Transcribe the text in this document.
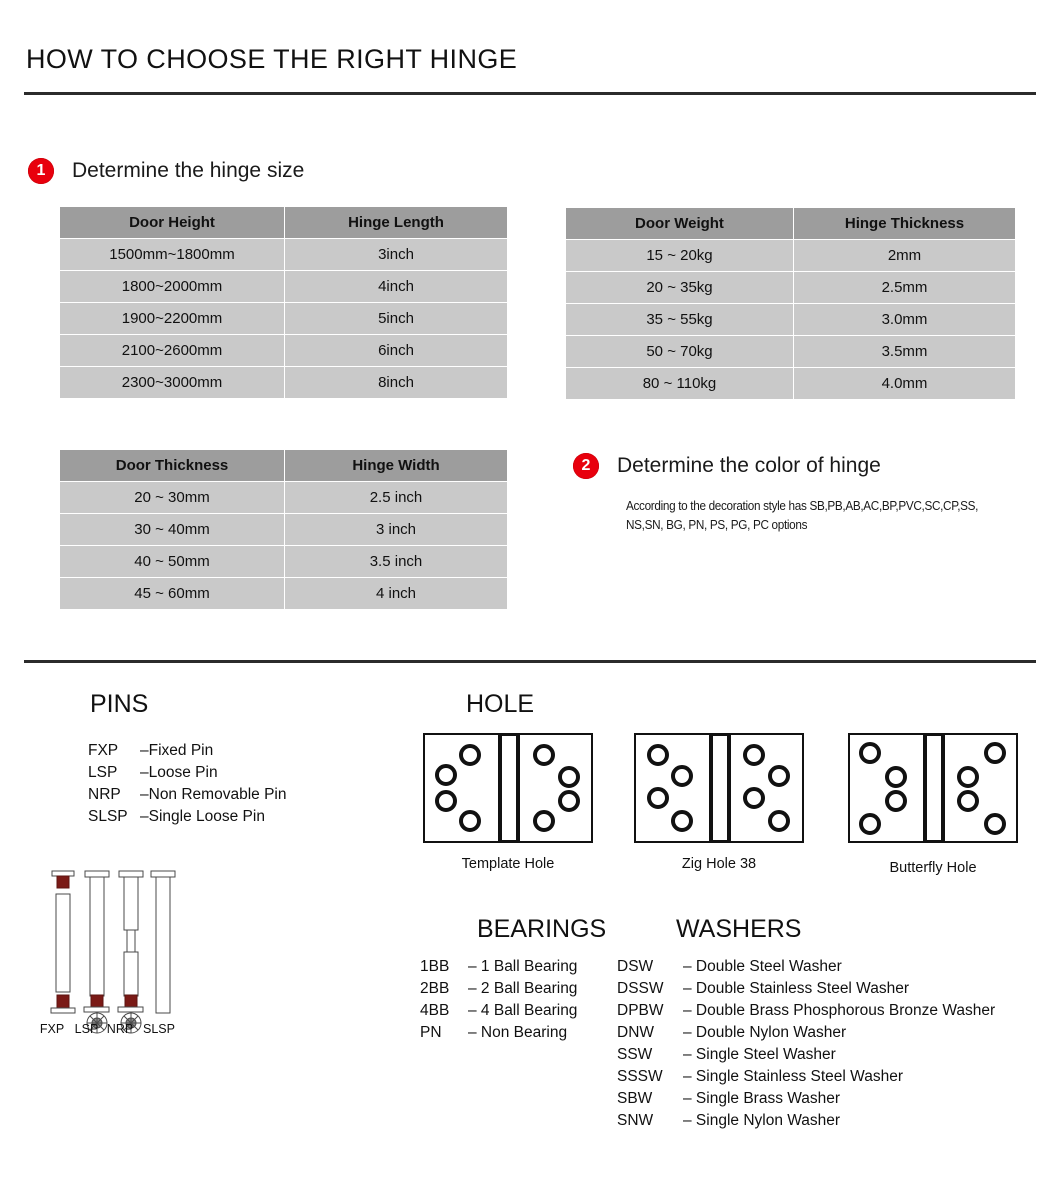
HOW TO CHOOSE THE RIGHT HINGE
1	Determine the hinge size
Door Height	Hinge Length
1500mm~1800mm	3inch
1800~2000mm	4inch
1900~2200mm	5inch
2100~2600mm	6inch
2300~3000mm	8inch
Door Weight	Hinge Thickness
15 ~ 20kg	2mm
20 ~ 35kg	2.5mm
35 ~ 55kg	3.0mm
50 ~ 70kg	3.5mm
80 ~ 110kg	4.0mm
Door Thickness	Hinge Width
20 ~ 30mm	2.5 inch
30 ~ 40mm	3 inch
40 ~ 50mm	3.5 inch
45 ~ 60mm	4 inch
2	Determine the color of hinge
According to the decoration style has SB,PB,AB,AC,BP,PVC,SC,CP,SS, NS,SN, BG, PN, PS, PG, PC options
PINS
FXP	–Fixed Pin
LSP	–Loose Pin
NRP	–Non Removable Pin
SLSP –Single Loose Pin
FXP LSP NRP SLSP
HOLE
Template Hole	Zig Hole 38	Butterfly Hole
BEARINGS
1BB	– 1 Ball Bearing
2BB	– 2 Ball Bearing
4BB	– 4 Ball Bearing
PN	– Non Bearing
WASHERS
DSW	– Double Steel Washer
DSSW	– Double Stainless Steel Washer
DPBW	– Double Brass Phosphorous Bronze Washer
DNW	– Double Nylon Washer
SSW	– Single Steel Washer
SSSW	– Single Stainless Steel Washer
SBW	– Single Brass Washer
SNW	– Single Nylon Washer
